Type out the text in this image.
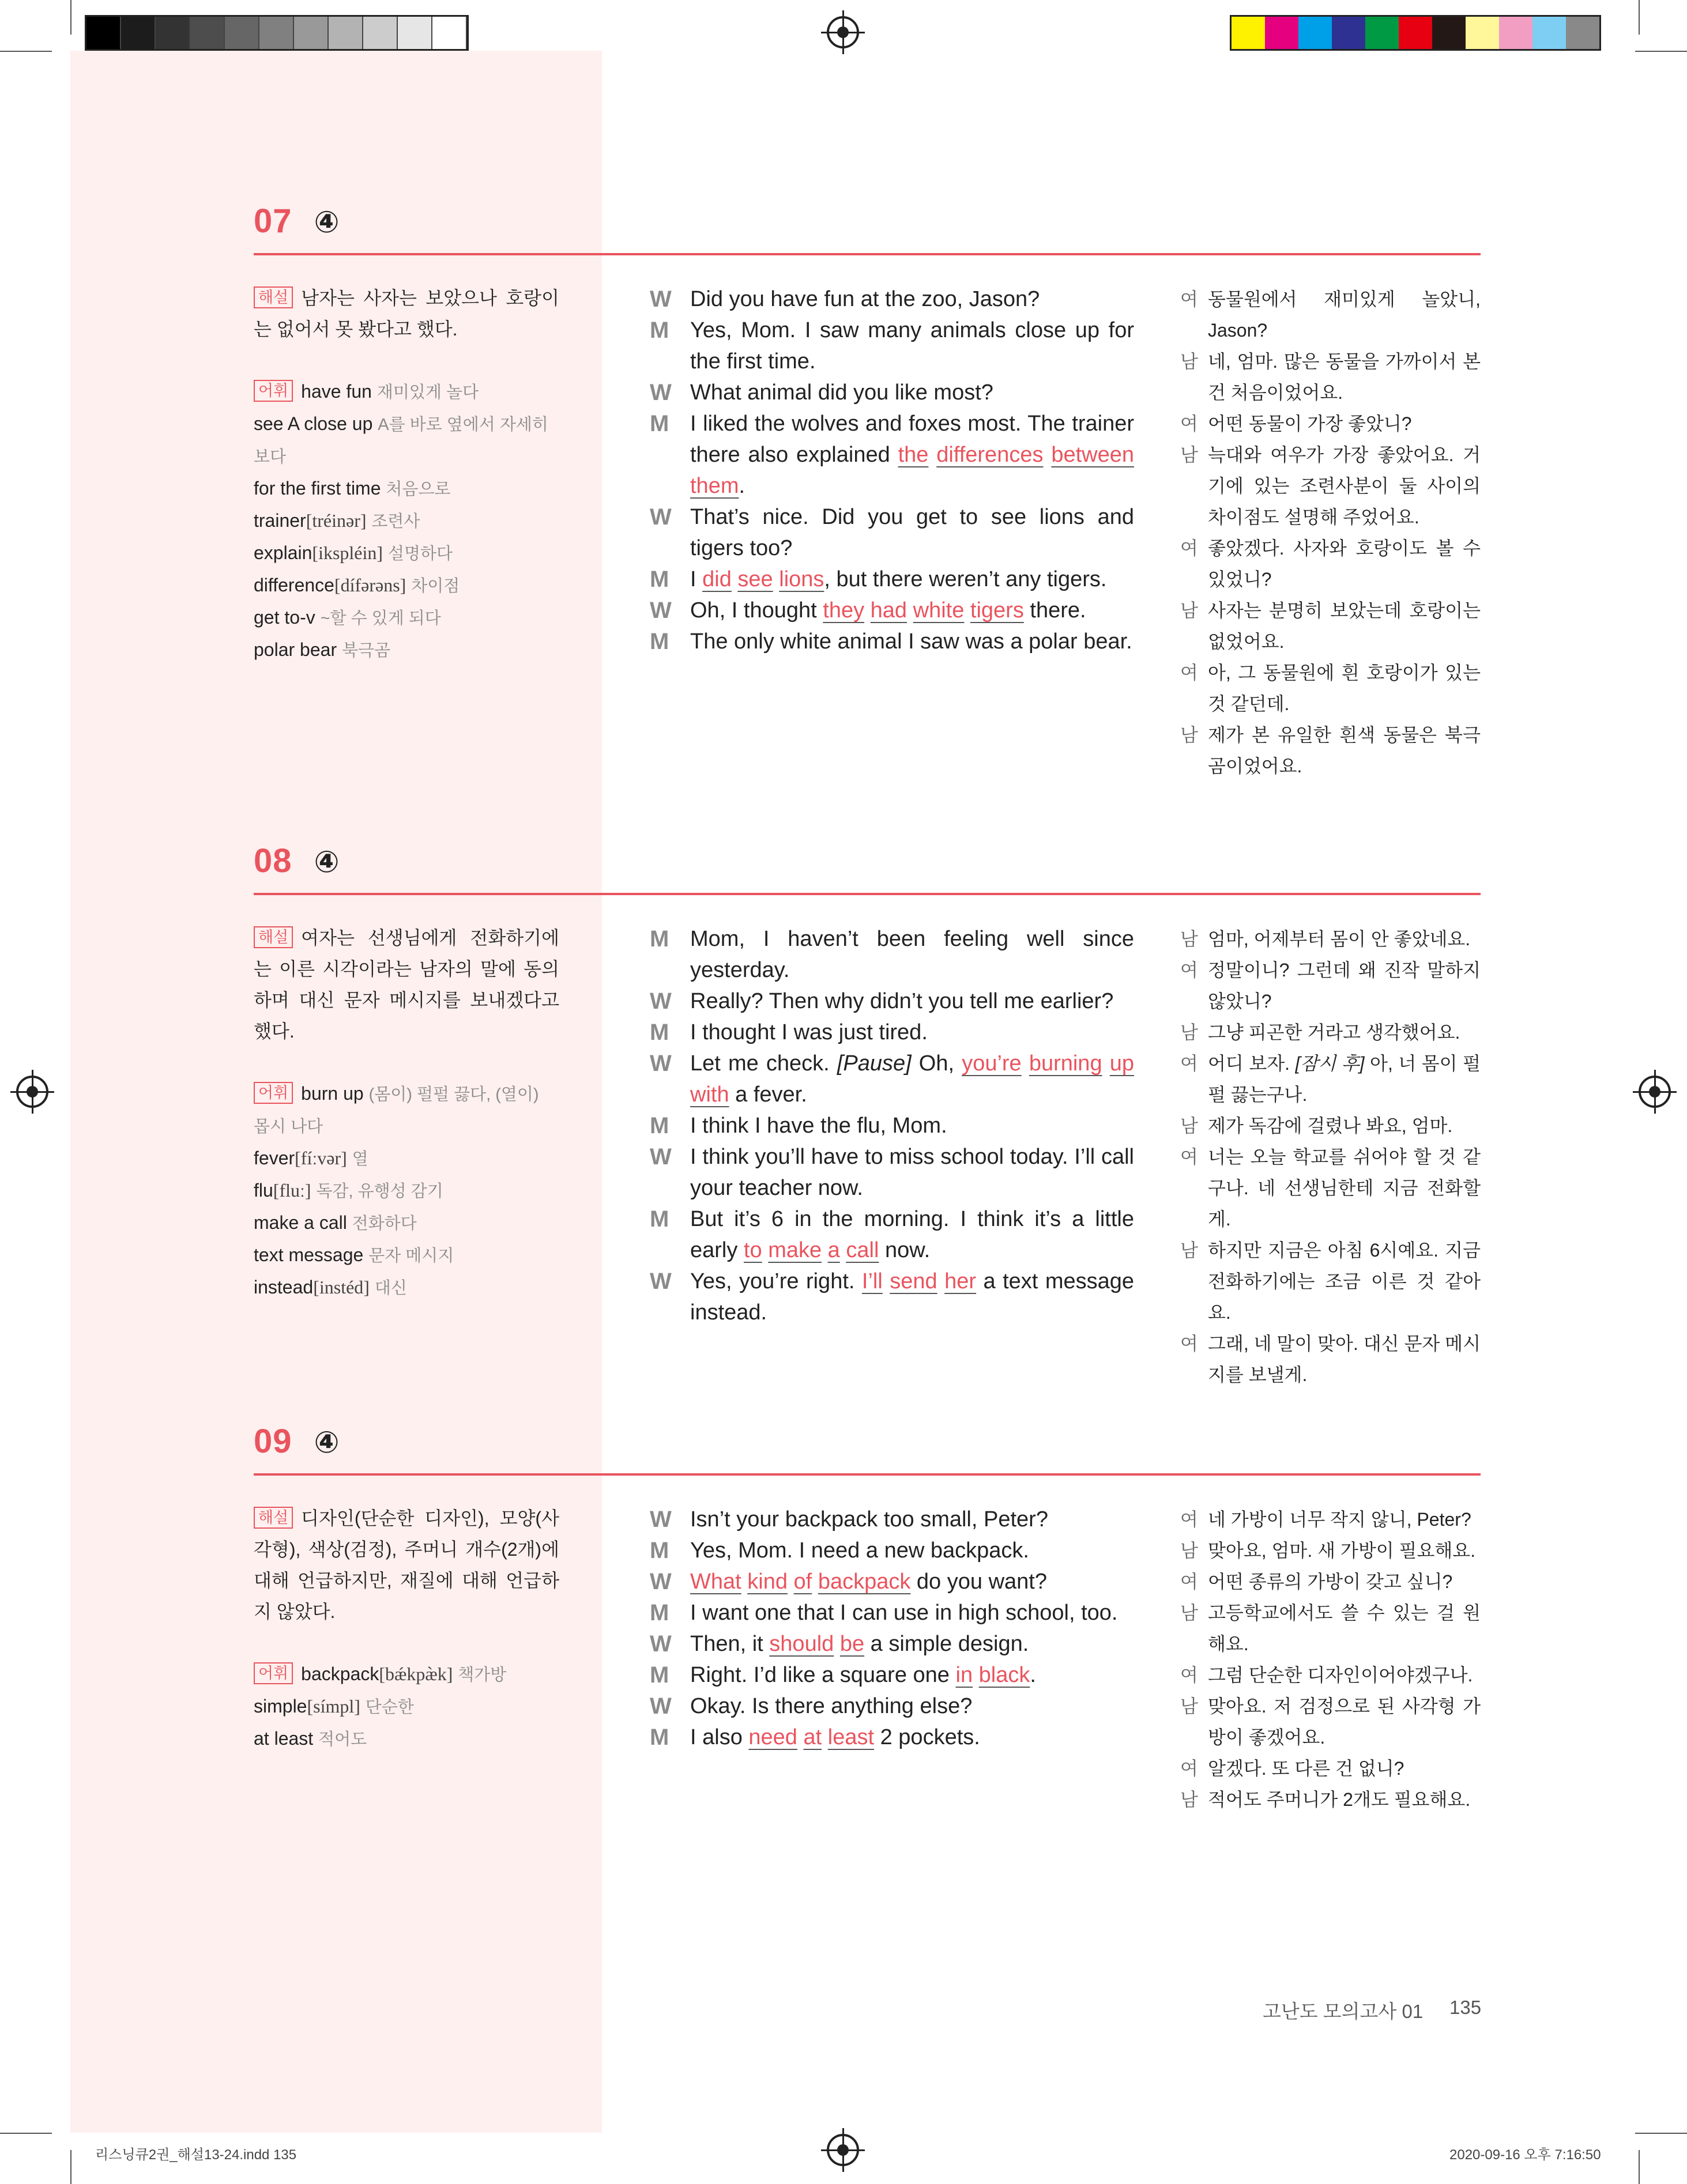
07 ④
해설 남자는 사자는 보았으나 호랑이는 없어서 못 봤다고 했다.
어휘 have fun 재미있게 놀다
see A close up A를 바로 옆에서 자세히 보다
for the first time 처음으로
trainer[tréinər] 조련사
explain[ikspléin] 설명하다
difference[dífərəns] 차이점
get to-v ~할 수 있게 되다
polar bear 북극곰
W Did you have fun at the zoo, Jason?
M Yes, Mom. I saw many animals close up for the first time.
W What animal did you like most?
M I liked the wolves and foxes most. The trainer there also explained the differences between them.
W That’s nice. Did you get to see lions and tigers too?
M I did see lions, but there weren’t any tigers.
W Oh, I thought they had white tigers there.
M The only white animal I saw was a polar bear.
여 동물원에서 재미있게 놀았니, Jason?
남 네, 엄마. 많은 동물을 가까이서 본 건 처음이었어요.
여 어떤 동물이 가장 좋았니?
남 늑대와 여우가 가장 좋았어요. 거기에 있는 조련사분이 둘 사이의 차이점도 설명해 주었어요.
여 좋았겠다. 사자와 호랑이도 볼 수 있었니?
남 사자는 분명히 보았는데 호랑이는 없었어요.
여 아, 그 동물원에 흰 호랑이가 있는 것 같던데.
남 제가 본 유일한 흰색 동물은 북극곰이었어요.
08 ④
해설 여자는 선생님에게 전화하기에는 이른 시각이라는 남자의 말에 동의하며 대신 문자 메시지를 보내겠다고 했다.
어휘 burn up (몸이) 펄펄 끓다, (열이) 몹시 나다
fever[fíːvər] 열
flu[fluː] 독감, 유행성 감기
make a call 전화하다
text message 문자 메시지
instead[instéd] 대신
M Mom, I haven’t been feeling well since yesterday.
W Really? Then why didn’t you tell me earlier?
M I thought I was just tired.
W Let me check. [Pause] Oh, you’re burning up with a fever.
M I think I have the flu, Mom.
W I think you’ll have to miss school today. I’ll call your teacher now.
M But it’s 6 in the morning. I think it’s a little early to make a call now.
W Yes, you’re right. I’ll send her a text message instead.
남 엄마, 어제부터 몸이 안 좋았네요.
여 정말이니? 그런데 왜 진작 말하지 않았니?
남 그냥 피곤한 거라고 생각했어요.
여 어디 보자. [잠시 후] 아, 너 몸이 펄펄 끓는구나.
남 제가 독감에 걸렸나 봐요, 엄마.
여 너는 오늘 학교를 쉬어야 할 것 같구나. 네 선생님한테 지금 전화할게.
남 하지만 지금은 아침 6시예요. 지금 전화하기에는 조금 이른 것 같아요.
여 그래, 네 말이 맞아. 대신 문자 메시지를 보낼게.
09 ④
해설 디자인(단순한 디자인), 모양(사각형), 색상(검정), 주머니 개수(2개)에 대해 언급하지만, 재질에 대해 언급하지 않았다.
어휘 backpack[bǽkpæ̀k] 책가방
simple[símpl] 단순한
at least 적어도
W Isn’t your backpack too small, Peter?
M Yes, Mom. I need a new backpack.
W What kind of backpack do you want?
M I want one that I can use in high school, too.
W Then, it should be a simple design.
M Right. I’d like a square one in black.
W Okay. Is there anything else?
M I also need at least 2 pockets.
여 네 가방이 너무 작지 않니, Peter?
남 맞아요, 엄마. 새 가방이 필요해요.
여 어떤 종류의 가방이 갖고 싶니?
남 고등학교에서도 쓸 수 있는 걸 원해요.
여 그럼 단순한 디자인이어야겠구나.
남 맞아요. 저 검정으로 된 사각형 가방이 좋겠어요.
여 알겠다. 또 다른 건 없니?
남 적어도 주머니가 2개도 필요해요.
고난도 모의고사 01 135
리스닝큐2권_해설13-24.indd 135	2020-09-16 오후 7:16:50
